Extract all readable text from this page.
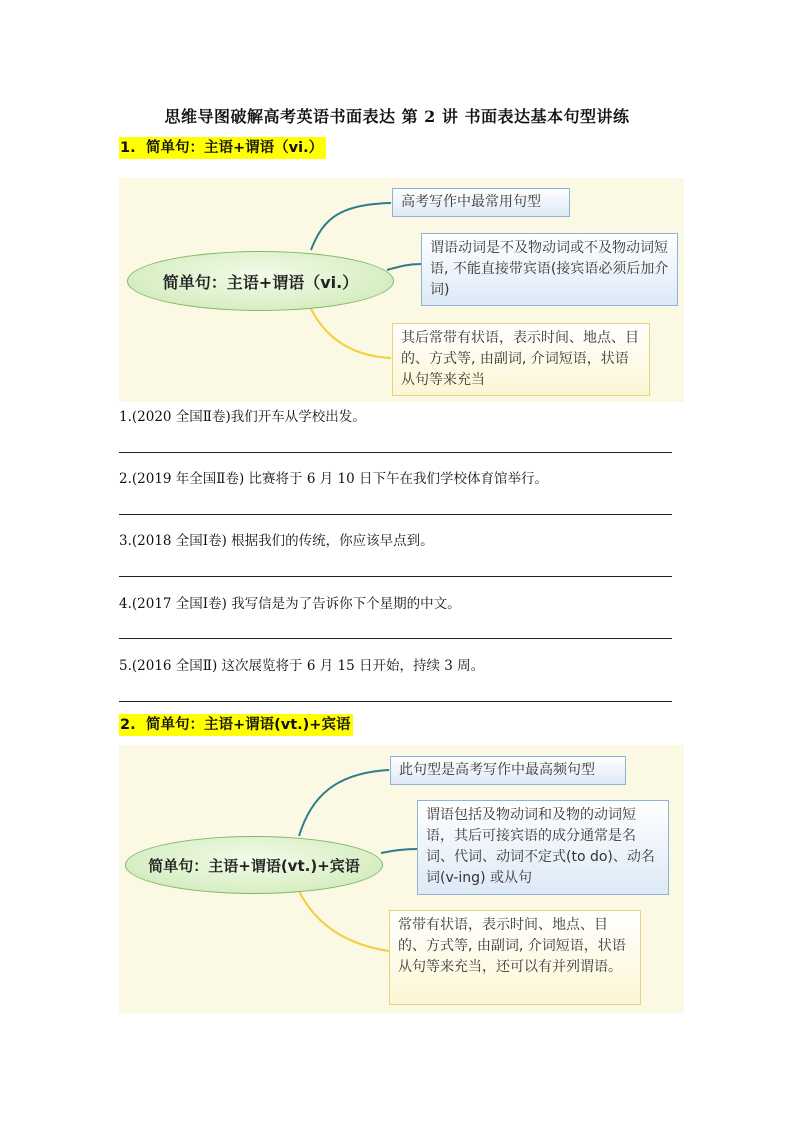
思维导图破解高考英语书面表达 第 2 讲 书面表达基本句型讲练
1. 简单句：主语+谓语（vi.）
简单句：主语+谓语（vi.）
高考写作中最常用句型
谓语动词是不及物动词或不及物动词短语, 不能直接带宾语(接宾语必须后加介词)
其后常带有状语，表示时间、地点、目的、方式等, 由副词, 介词短语，状语从句等来充当
1.(2020 全国Ⅱ卷)我们开车从学校出发。
2.(2019 年全国Ⅱ卷) 比赛将于 6 月 10 日下午在我们学校体育馆举行。
3.(2018 全国Ⅰ卷) 根据我们的传统，你应该早点到。
4.(2017 全国Ⅰ卷) 我写信是为了告诉你下个星期的中文。
5.(2016 全国Ⅱ) 这次展览将于 6 月 15 日开始，持续 3 周。
2. 简单句：主语+谓语(vt.)+宾语
简单句：主语+谓语(vt.)+宾语
此句型是高考写作中最高频句型
谓语包括及物动词和及物的动词短语，其后可接宾语的成分通常是名词、代词、动词不定式(to do)、动名词(v-ing) 或从句
常带有状语，表示时间、地点、目的、方式等, 由副词, 介词短语，状语从句等来充当，还可以有并列谓语。
